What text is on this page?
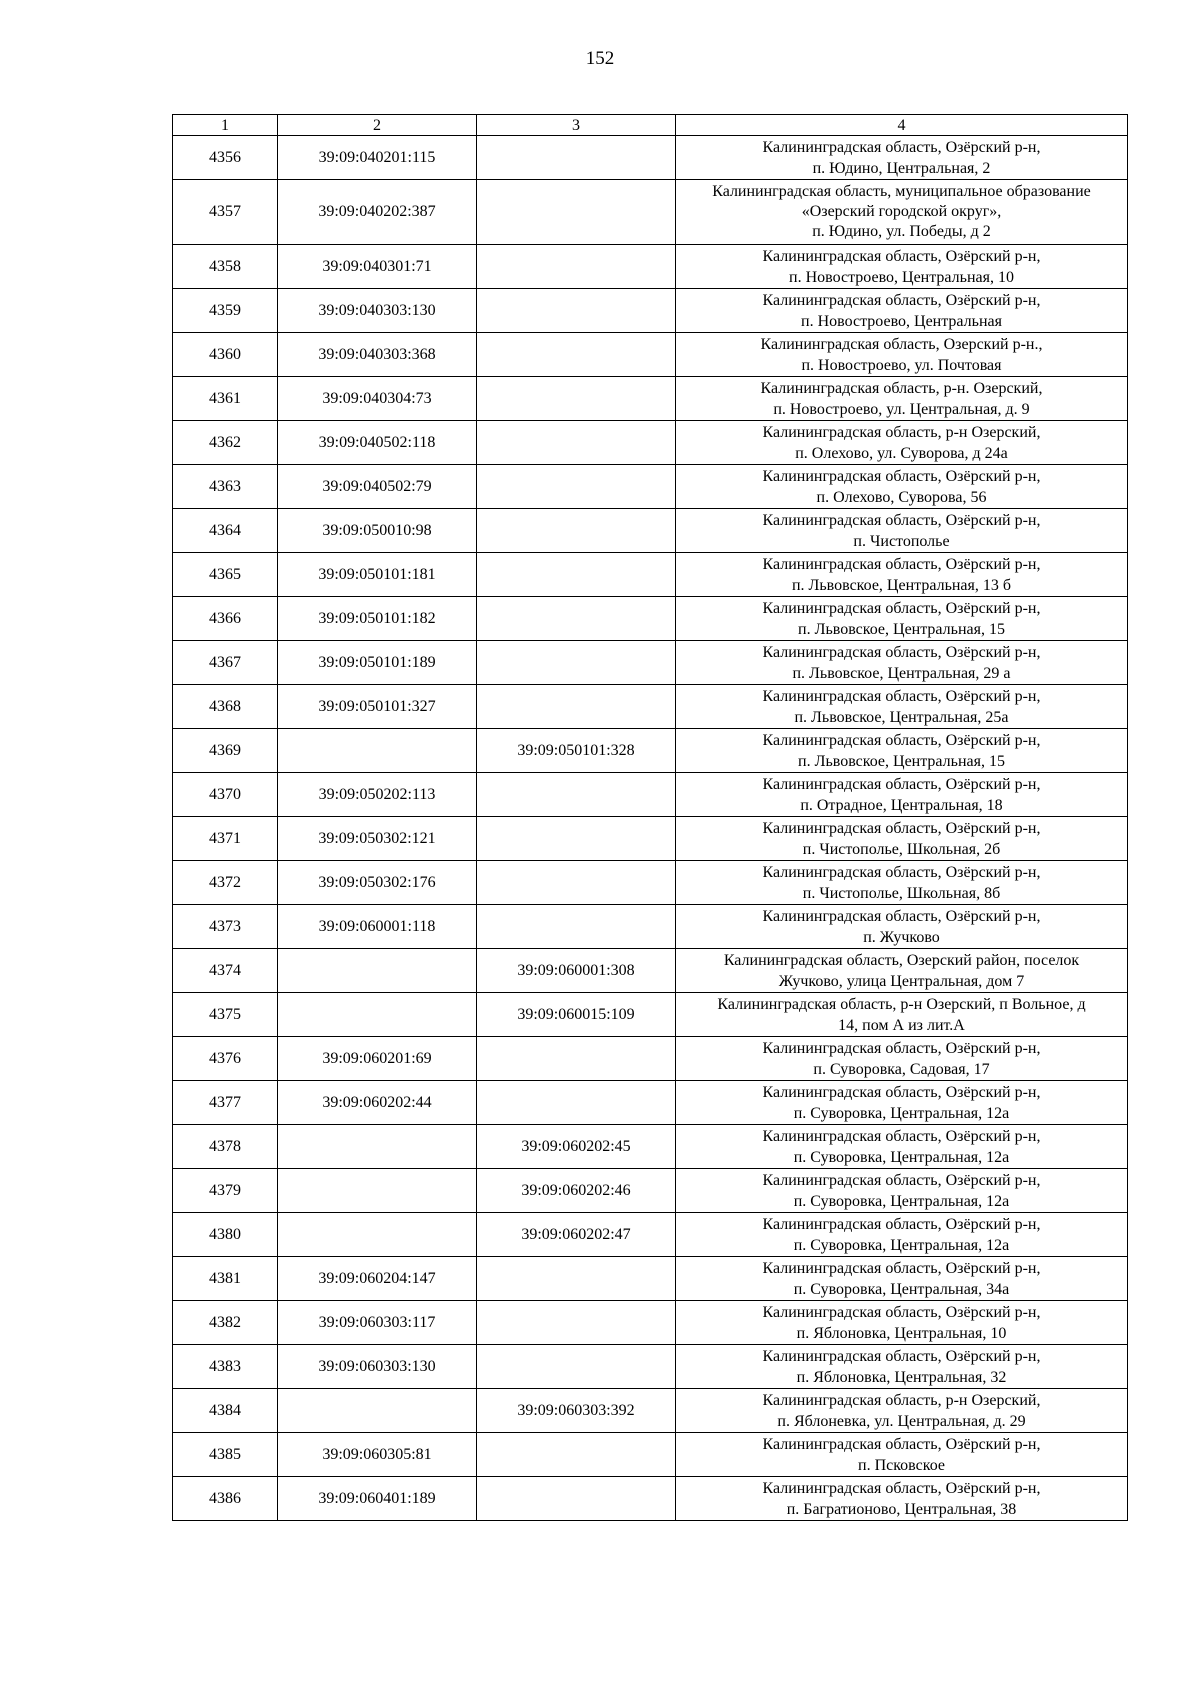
152
1	2	3	4
4356	39:09:040201:115		Калининградская область, Озёрский р-н,
п. Юдино, Центральная, 2

4357	39:09:040202:387		Калининградская область, муниципальное образование
«Озерский городской округ»,
п. Юдино, ул. Победы, д 2

4358	39:09:040301:71		Калининградская область, Озёрский р-н,
п. Новостроево, Центральная, 10

4359	39:09:040303:130		Калининградская область, Озёрский р-н,
п. Новостроево, Центральная

4360	39:09:040303:368		Калининградская область, Озерский р-н.,
п. Новостроево, ул. Почтовая

4361	39:09:040304:73		Калининградская область, р-н. Озерский,
п. Новостроево, ул. Центральная, д. 9

4362	39:09:040502:118		Калининградская область, р-н Озерский,
п. Олехово, ул. Суворова, д 24а

4363	39:09:040502:79		Калининградская область, Озёрский р-н,
п. Олехово, Суворова, 56

4364	39:09:050010:98		Калининградская область, Озёрский р-н,
п. Чистополье

4365	39:09:050101:181		Калининградская область, Озёрский р-н,
п. Львовское, Центральная, 13 б

4366	39:09:050101:182		Калининградская область, Озёрский р-н,
п. Львовское, Центральная, 15

4367	39:09:050101:189		Калининградская область, Озёрский р-н,
п. Львовское, Центральная, 29 а

4368	39:09:050101:327		Калининградская область, Озёрский р-н,
п. Львовское, Центральная, 25а

4369		39:09:050101:328	Калининградская область, Озёрский р-н,
п. Львовское, Центральная, 15

4370	39:09:050202:113		Калининградская область, Озёрский р-н,
п. Отрадное, Центральная, 18

4371	39:09:050302:121		Калининградская область, Озёрский р-н,
п. Чистополье, Школьная, 2б

4372	39:09:050302:176		Калининградская область, Озёрский р-н,
п. Чистополье, Школьная, 8б

4373	39:09:060001:118		Калининградская область, Озёрский р-н,
п. Жучково

4374		39:09:060001:308	Калининградская область, Озерский район, поселок
Жучково, улица Центральная, дом 7

4375		39:09:060015:109	Калининградская область, р-н Озерский, п Вольное, д
14, пом А из лит.А

4376	39:09:060201:69		Калининградская область, Озёрский р-н,
п. Суворовка, Садовая, 17

4377	39:09:060202:44		Калининградская область, Озёрский р-н,
п. Суворовка, Центральная, 12а

4378		39:09:060202:45	Калининградская область, Озёрский р-н,
п. Суворовка, Центральная, 12а

4379		39:09:060202:46	Калининградская область, Озёрский р-н,
п. Суворовка, Центральная, 12а

4380		39:09:060202:47	Калининградская область, Озёрский р-н,
п. Суворовка, Центральная, 12а

4381	39:09:060204:147		Калининградская область, Озёрский р-н,
п. Суворовка, Центральная, 34а

4382	39:09:060303:117		Калининградская область, Озёрский р-н,
п. Яблоновка, Центральная, 10

4383	39:09:060303:130		Калининградская область, Озёрский р-н,
п. Яблоновка, Центральная, 32

4384		39:09:060303:392	Калининградская область, р-н Озерский,
п. Яблоневка, ул. Центральная, д. 29

4385	39:09:060305:81		Калининградская область, Озёрский р-н,
п. Псковское

4386	39:09:060401:189		Калининградская область, Озёрский р-н,
п. Багратионово, Центральная, 38
